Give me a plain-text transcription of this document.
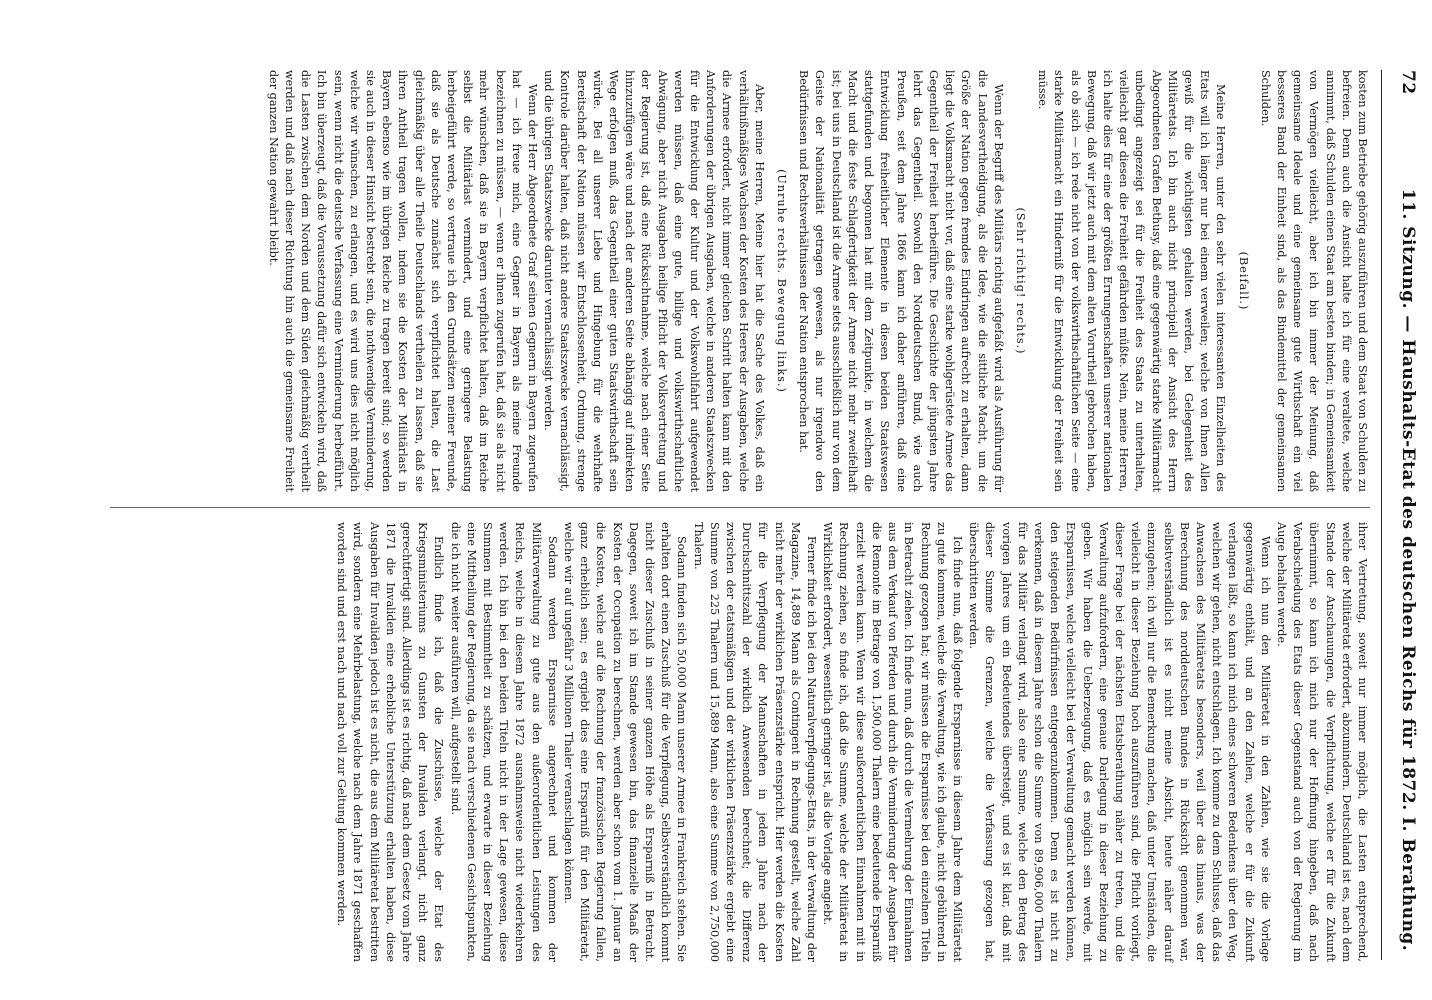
72
11. Sitzung. — Haushalts-Etat des deutschen Reichs für 1872. I. Berathung.

kosten zum Betriebe gehörig auszuführen und dem Staat von Schulden zu befreien. Denn auch die Ansicht halte ich für eine veraltete, welche annimmt, daß Schulden einen Staat am besten binden; in Gemeinsamkeit von Vermögen vielleicht, aber ich bin immer der Meinung, daß gemeinsame Ideale und eine gemeinsame gute Wirthschaft ein viel besseres Band der Einheit sind, als das Bindemittel der gemeinsamen Schulden.

(Beifall.)

Meine Herren, unter den sehr vielen interessanten Einzelheiten des Etats will ich länger nur bei einem verweilen; welche von Ihnen Allen gewiß für die wichtigsten gehalten werden, bei Gelegenheit des Militäretats. Ich bin auch nicht principiell der Ansicht des Herrn Abgeordneten Grafen Bethusy, daß eine gegenwärtig starke Militärmacht unbedingt angezeigt sei für die Freiheit des Staats zu unterhalten, vielleicht gar diesen die Freiheit gefährden müßte. Nein, meine Herren, ich halte dies für eine der größten Errungenschaften unserer nationalen Bewegung, daß wir jetzt auch mit dem alten Vorurtheil gebrochen haben, als ob sich — ich rede nicht von der volkswirthschaftlichen Seite — eine starke Militärmacht ein Hinderniß für die Entwicklung der Freiheit sein müsse.

(Sehr richtig! rechts.)

Wenn der Begriff des Militärs richtig aufgefaßt wird als Ausführung für die Landesvertheidigung, als die Idee, wie die sittliche Macht, um die Größe der Nation gegen fremdes Eindringen aufrecht zu erhalten, dann liegt die Volksmacht nicht vor, daß eine starke wohlgerüstete Armee das Gegentheil der Freiheit herbeiführe. Die Geschichte der jüngsten Jahre lehrt das Gegentheil. Sowohl den Norddeutschen Bund, wie auch Preußen, seit dem Jahre 1866 kann ich daher anführen, daß eine Entwicklung freiheitlicher Elemente in diesen beiden Staatswesen stattgefunden und begonnen hat mit dem Zeitpunkte, in welchem die Macht und die feste Schlagfertigkeit der Armee nicht mehr zweifelhaft ist; bei uns in Deutschland ist die Armee stets ausschließlich nur von dem Geiste der Nationalität getragen gewesen, als nur irgendwo den Bedürfnissen und Rechtsverhältnissen der Nation entsprochen hat.

(Unruhe rechts. Bewegung links.)

Aber, meine Herren, Meine hier hat die Sache des Volkes, daß ein verhältnißmäßiges Wachsen der Kosten des Heeres der Ausgaben, welche die Armee erfordert, nicht immer gleichen Schritt halten kann mit den Anforderungen der übrigen Ausgaben, welche in anderen Staatszwecken für die Entwicklung der Kultur und der Volkswohlfahrt aufgewendet werden müssen, daß eine gute, billige und volkswirthschaftliche Abwägung, aber nicht Ausgaben heilige Pflicht der Volksvertretung und der Regierung ist, daß eine Rücksichtnahme, welche nach einer Seite hinzuzufügen wäre und nach der anderen Seite abhängig auf indirekten Wege erfolgen muß, das Gegentheil einer guten Staatswirthschaft sein würde. Bei all unserer Liebe und Hingebung für die wehrhafte Bereitschaft der Nation müssen wir Entschlossenheit, Ordnung, strenge Kontrole darüber halten, daß nicht andere Staatszwecke vernachlässigt, und die übrigen Staatszwecke darunter vernachlässigt werden.

Wenn der Herr Abgeordnete Graf seinen Gegnern in Bayern zugerufen hat — ich freue mich, eine Gegner in Bayern als meine Freunde bezeichnen zu müssen, — wenn er ihnen zugerufen hat, daß sie als nicht mehr wünschen, daß sie in Bayern verpflichtet halten, daß im Reiche selbst die Militärlast vermindert, und eine geringere Belastung herbeigeführt werde, so vertraue ich den Grundsätzen meiner Freunde, daß sie als Deutsche zunächst sich verpflichtet halten, die Last gleichmäßig über alle Theile Deutschlands vertheilen zu lassen, daß sie ihren Antheil tragen wollen, indem sie die Kosten der Militärlast in Bayern ebenso wie im übrigen Reiche zu tragen bereit sind; so werden sie auch in dieser Hinsicht bestrebt sein, die nothwendige Verminderung, welche wir wünschen, zu erlangen, und es wird uns dies nicht möglich sein, wenn nicht die deutsche Verfassung eine Verminderung herbeiführt. Ich bin überzeugt, daß die Voraussetzung dafür sich entwickeln wird, daß die Lasten zwischen dem Norden und dem Süden gleichmäßig vertheilt werden und daß nach dieser Richtung hin auch die gemeinsame Freiheit der ganzen Nation gewahrt bleibt.

ihrer Vertretung, soweit nur immer möglich, die Lasten entsprechend, welche der Militäretat erfordert, abzumindern. Deutschland ist es, nach dem Stande der Anschauungen, die Verpflichtung, welche er für die Zukunft übernimmt, so kann ich mich nur der Hoffnung hingeben, daß nach Verabschiedung des Etats dieser Gegenstand auch von der Regierung im Auge behalten werde.

Wenn ich nun den Militäretat in den Zahlen, wie sie die Vorlage gegenwärtig enthält, und an den Zahlen, welche er für die Zukunft verlangen läßt, so kann ich mich eines schweren Bedenkens über den Weg, welchen wir gehen, nicht entschlagen. Ich komme zu dem Schlusse, daß das Anwachsen des Militäretats besonders, weil über das hinaus, was der Berechnung des norddeutschen Bundes in Rücksicht genommen war, selbstverständlich ist es nicht meine Absicht, heute näher darauf einzugehen; ich will nur die Bemerkung machen, daß unter Umständen, die vielleicht in dieser Beziehung hoch auszuführen sind, die Pflicht vorliegt, dieser Frage bei der nächsten Etatsberathung näher zu treten, und die Verwaltung aufzufordern, eine genaue Darlegung in dieser Beziehung zu geben. Wir haben die Ueberzeugung, daß es möglich sein werde, mit Ersparnissen, welche vielleicht bei der Verwaltung gemacht werden können, den steigenden Bedürfnissen entgegenzukommen. Denn es ist nicht zu verkennen, daß in diesem Jahre schon die Summe von 89,906,000 Thalern für das Militär verlangt wird, also eine Summe, welche den Betrag des vorigen Jahres um ein Bedeutendes übersteigt, und es ist klar, daß mit dieser Summe die Grenzen, welche die Verfassung gezogen hat, überschritten werden.

Ich finde nun, daß folgende Ersparnisse in diesem Jahre dem Militäretat zu gute kommen, welche die Verwaltung, wie ich glaube, nicht gebührend in Rechnung gezogen hat; wir müssen die Ersparnisse bei den einzelnen Titeln in Betracht ziehen. Ich finde nun, daß durch die Vermehrung der Einnahmen aus dem Verkauf von Pferden und durch die Verminderung der Ausgaben für die Remonte im Betrage von 1,500,000 Thalern eine bedeutende Ersparniß erzielt werden kann. Wenn wir diese außerordentlichen Einnahmen mit in Rechnung ziehen, so finde ich, daß die Summe, welche der Militäretat in Wirklichkeit erfordert, wesentlich geringer ist, als die Vorlage angiebt.

Ferner finde ich bei den Naturalverpflegungs-Etats, in der Verwaltung der Magazine, 14,889 Mann als Contingent in Rechnung gestellt, welche Zahl nicht mehr der wirklichen Präsenzstärke entspricht. Hier werden die Kosten für die Verpflegung der Mannschaften in jedem Jahre nach der Durchschnittszahl der wirklich Anwesenden berechnet; die Differenz zwischen der etatsmäßigen und der wirklichen Präsenzstärke ergiebt eine Summe von 225 Thalern und 15,889 Mann, also eine Summe von 2,750,000 Thalern.

Sodann finden sich 50,000 Mann unserer Armee in Frankreich stehen. Sie erhalten dort einen Zuschuß für die Verpflegung, Selbstverständlich kommt nicht dieser Zuschuß in seiner ganzen Höhe als Ersparniß in Betracht. Dagegen, soweit ich im Stande gewesen bin, das finanzielle Maaß der Kosten der Occupation zu berechnen, werden aber schon vom 1. Januar an die Kosten, welche auf die Rechnung der französischen Regierung fallen, ganz erheblich sein; es ergiebt dies eine Ersparniß für den Militäretat, welche wir auf ungefähr 3 Millionen Thaler veranschlagen können.

Sodann werden Ersparnisse angerechnet und kommen der Militärverwaltung zu gute aus den außerordentlichen Leistungen des Reichs, welche in diesem Jahre 1872 ausnahmsweise nicht wiederkehren werden. Ich bin bei den beiden Titeln nicht in der Lage gewesen, diese Summen mit Bestimmtheit zu schätzen, und erwarte in dieser Beziehung eine Mittheilung der Regierung, da sie nach verschiedenen Gesichtspunkten, die ich nicht weiter ausführen will, aufgestellt sind.

Endlich finde ich, daß die Zuschüsse, welche der Etat des Kriegsministeriums zu Gunsten der Invaliden verlangt, nicht ganz gerechtfertigt sind. Allerdings ist es richtig, daß nach dem Gesetz vom Jahre 1871 die Invaliden eine erhebliche Unterstützung erhalten haben, diese Ausgaben für Invaliden jedoch ist es nicht, die aus dem Militäretat bestritten wird, sondern eine Mehrbelastung, welche nach dem Jahre 1871 geschaffen worden sind und erst nach und nach voll zur Geltung kommen werden.
